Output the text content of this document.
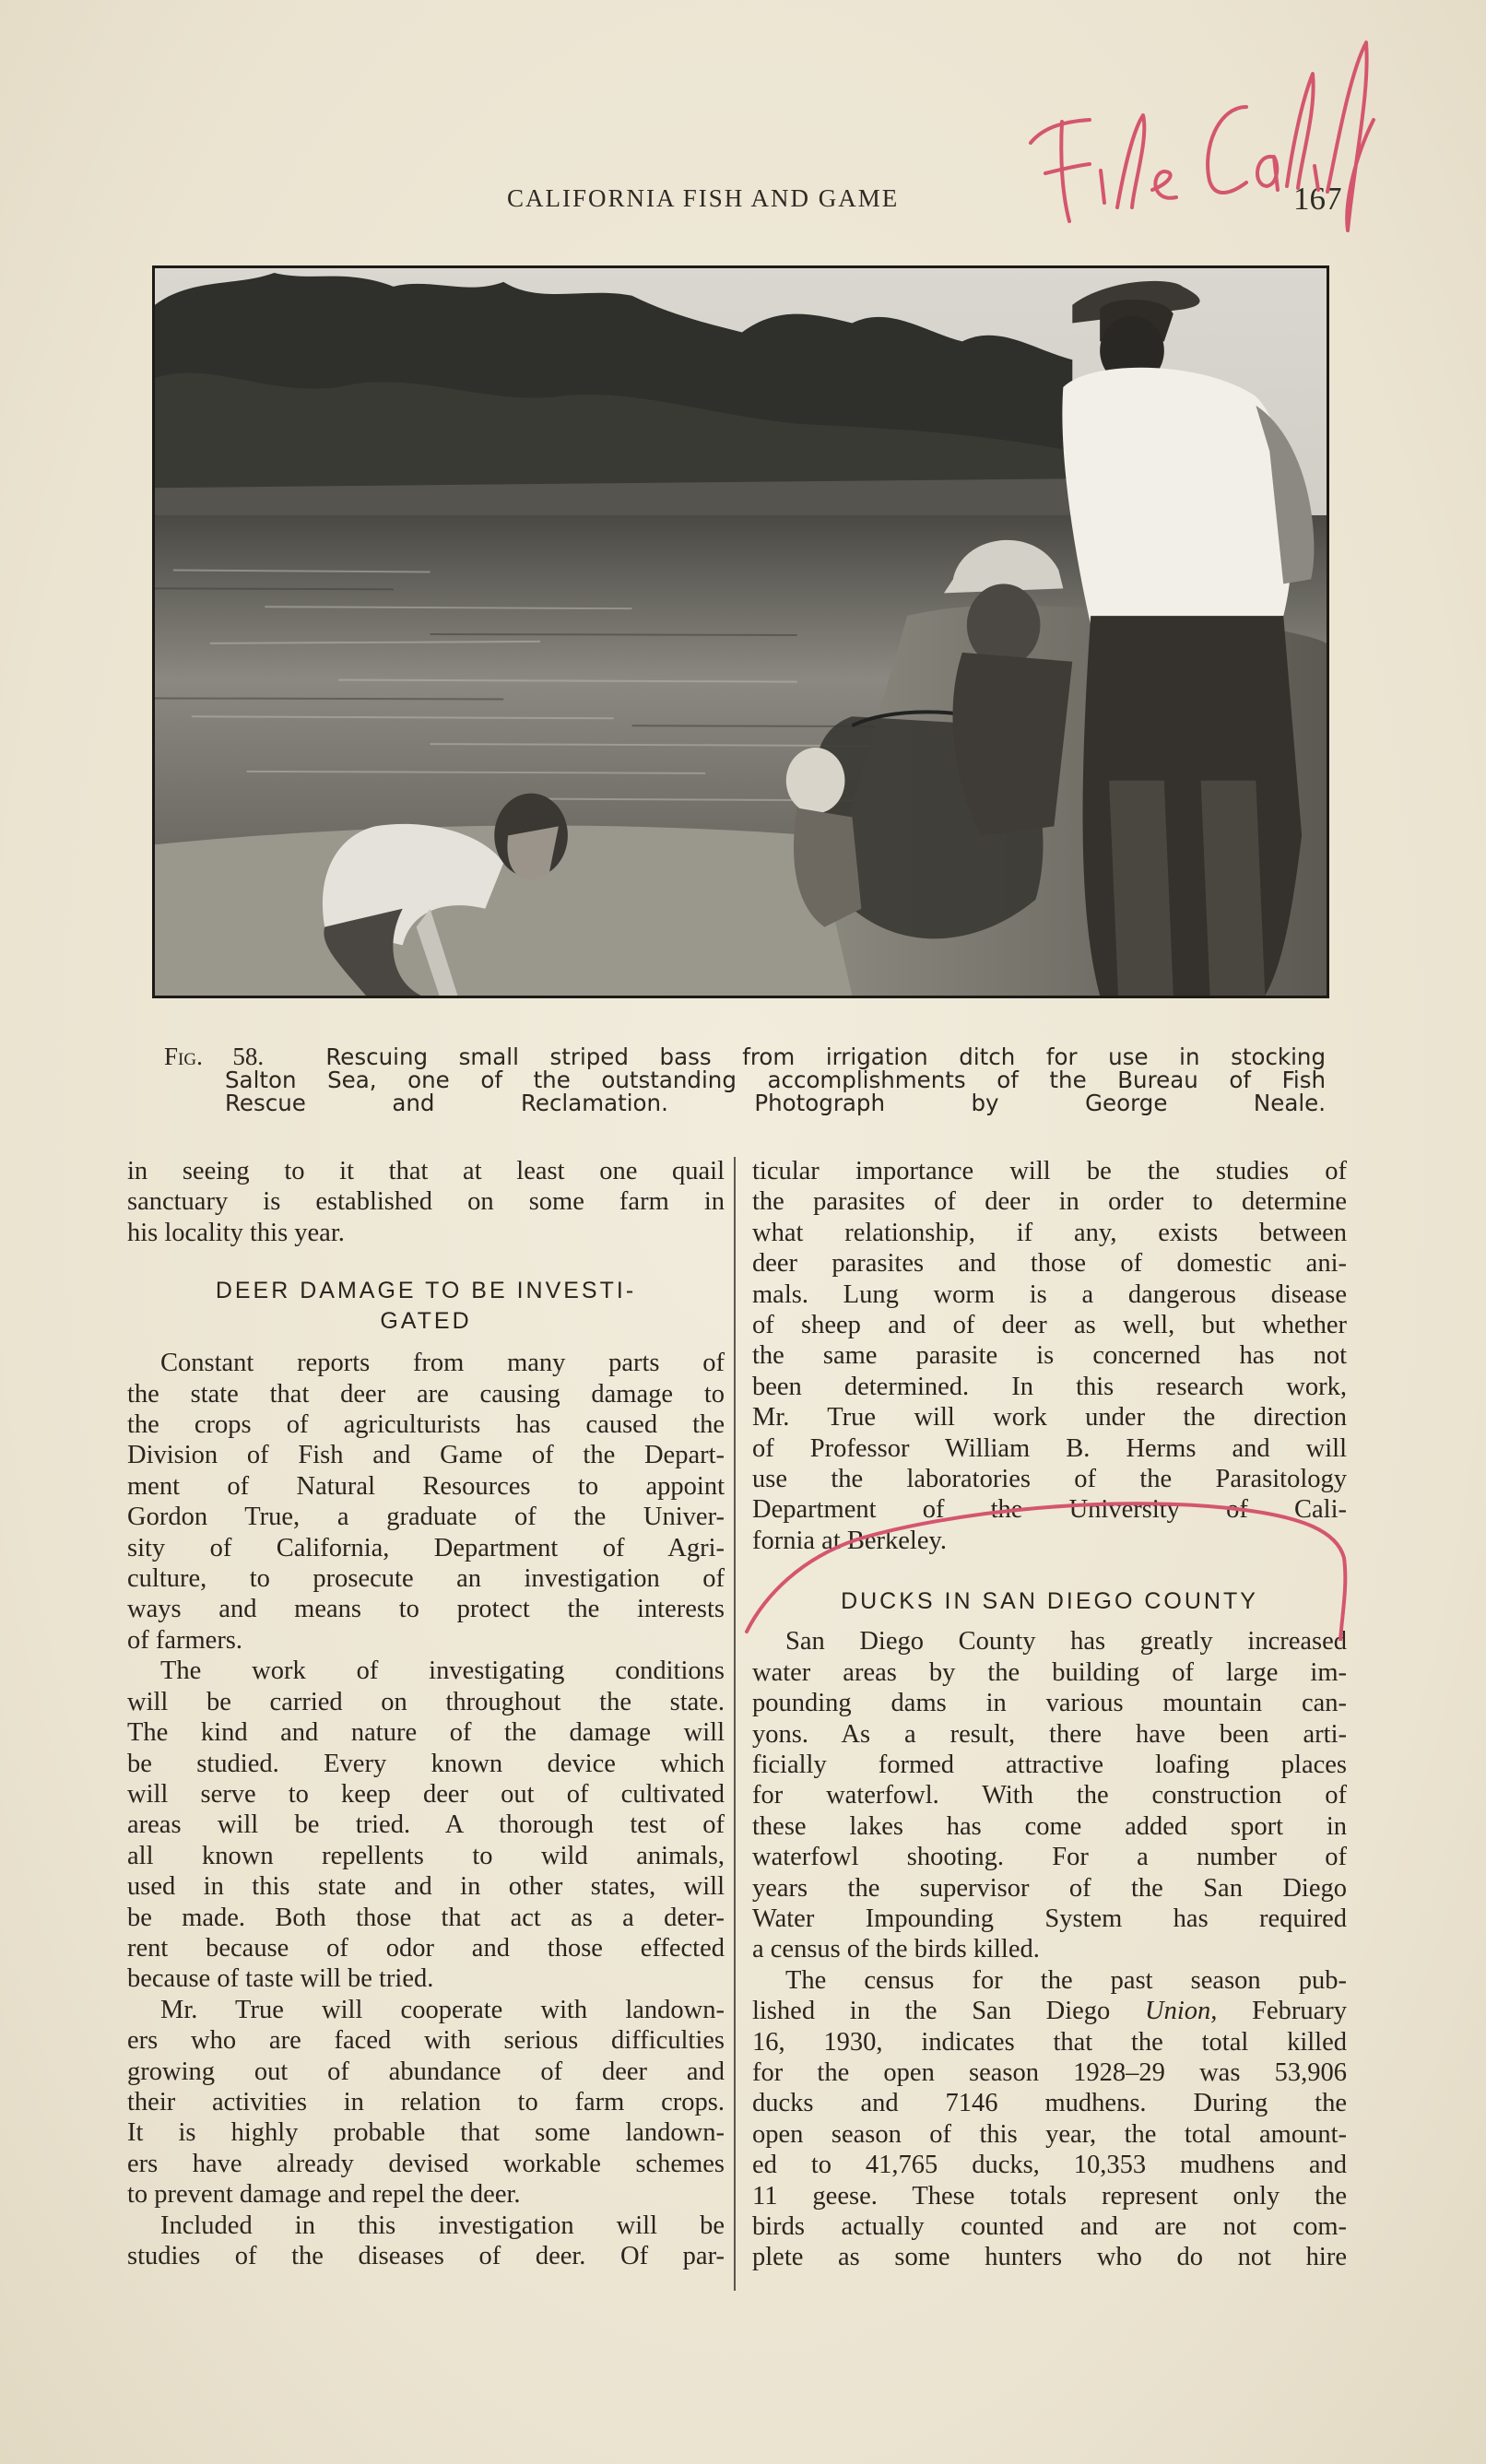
CALIFORNIA FISH AND GAME	167
Fig. 58.	Rescuing small striped bass from irrigation ditch for use in stocking
Salton Sea, one of the outstanding accomplishments of the Bureau of Fish
Rescue and Reclamation. Photograph by George Neale.

in seeing to it that at least one quail
sanctuary is established on some farm in
his locality this year.

DEER DAMAGE TO BE INVESTI-
GATED

Constant reports from many parts of
the state that deer are causing damage to
the crops of agriculturists has caused the
Division of Fish and Game of the Depart-
ment of Natural Resources to appoint
Gordon True, a graduate of the Univer-
sity of California, Department of Agri-
culture, to prosecute an investigation of
ways and means to protect the interests
of farmers.

The work of investigating conditions
will be carried on throughout the state.
The kind and nature of the damage will
be studied. Every known device which
will serve to keep deer out of cultivated
areas will be tried. A thorough test of
all known repellents to wild animals,
used in this state and in other states, will
be made. Both those that act as a deter-
rent because of odor and those effected
because of taste will be tried.

Mr. True will cooperate with landown-
ers who are faced with serious difficulties
growing out of abundance of deer and
their activities in relation to farm crops.
It is highly probable that some landown-
ers have already devised workable schemes
to prevent damage and repel the deer.

Included in this investigation will be
studies of the diseases of deer. Of par-

ticular importance will be the studies of
the parasites of deer in order to determine
what relationship, if any, exists between
deer parasites and those of domestic ani-
mals. Lung worm is a dangerous disease
of sheep and of deer as well, but whether
the same parasite is concerned has not
been determined. In this research work,
Mr. True will work under the direction
of Professor William B. Herms and will
use the laboratories of the Parasitology
Department of the University of Cali-
fornia at Berkeley.

DUCKS IN SAN DIEGO COUNTY

San Diego County has greatly increased
water areas by the building of large im-
pounding dams in various mountain can-
yons. As a result, there have been arti-
ficially formed attractive loafing places
for waterfowl. With the construction of
these lakes has come added sport in
waterfowl shooting. For a number of
years the supervisor of the San Diego
Water Impounding System has required
a census of the birds killed.

The census for the past season pub-
lished in the San Diego Union, February
16, 1930, indicates that the total killed
for the open season 1928–29 was 53,906
ducks and 7146 mudhens. During the
open season of this year, the total amount-
ed to 41,765 ducks, 10,353 mudhens and
11 geese. These totals represent only the
birds actually counted and are not com-
plete as some hunters who do not hire
